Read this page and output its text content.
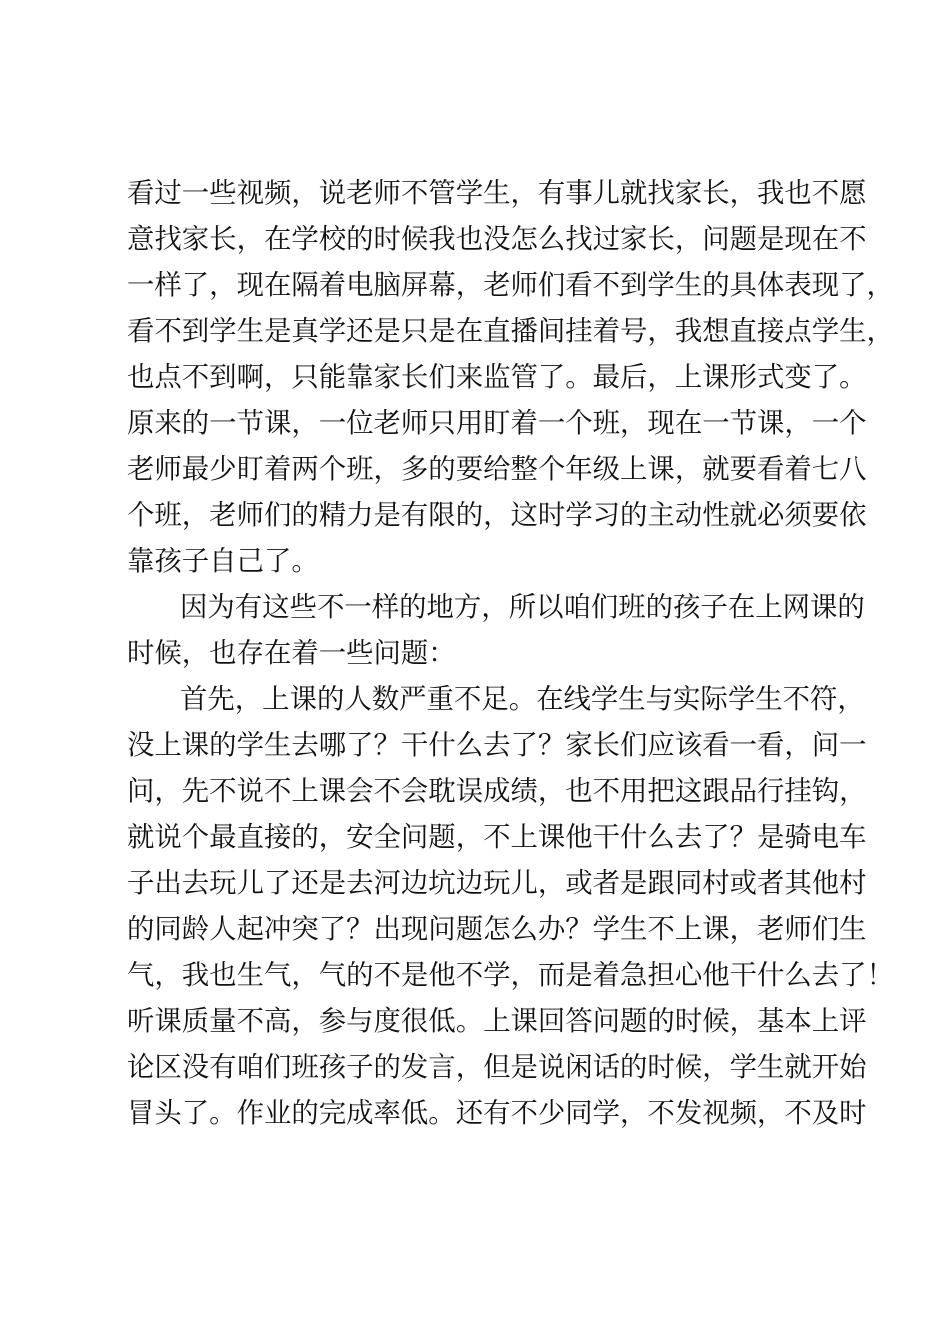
看过一些视频，说老师不管学生，有事儿就找家长，我也不愿
意找家长，在学校的时候我也没怎么找过家长，问题是现在不
一样了，现在隔着电脑屏幕，老师们看不到学生的具体表现了，
看不到学生是真学还是只是在直播间挂着号，我想直接点学生，
也点不到啊，只能靠家长们来监管了。最后，上课形式变了。
原来的一节课，一位老师只用盯着一个班，现在一节课，一个
老师最少盯着两个班，多的要给整个年级上课，就要看着七八
个班，老师们的精力是有限的，这时学习的主动性就必须要依
靠孩子自己了。
因为有这些不一样的地方，所以咱们班的孩子在上网课的
时候，也存在着一些问题：
首先，上课的人数严重不足。在线学生与实际学生不符，
没上课的学生去哪了？干什么去了？家长们应该看一看，问一
问，先不说不上课会不会耽误成绩，也不用把这跟品行挂钩，
就说个最直接的，安全问题，不上课他干什么去了？是骑电车
子出去玩儿了还是去河边坑边玩儿，或者是跟同村或者其他村
的同龄人起冲突了？出现问题怎么办？学生不上课，老师们生
气，我也生气，气的不是他不学，而是着急担心他干什么去了！
听课质量不高，参与度很低。上课回答问题的时候，基本上评
论区没有咱们班孩子的发言，但是说闲话的时候，学生就开始
冒头了。作业的完成率低。还有不少同学，不发视频，不及时
